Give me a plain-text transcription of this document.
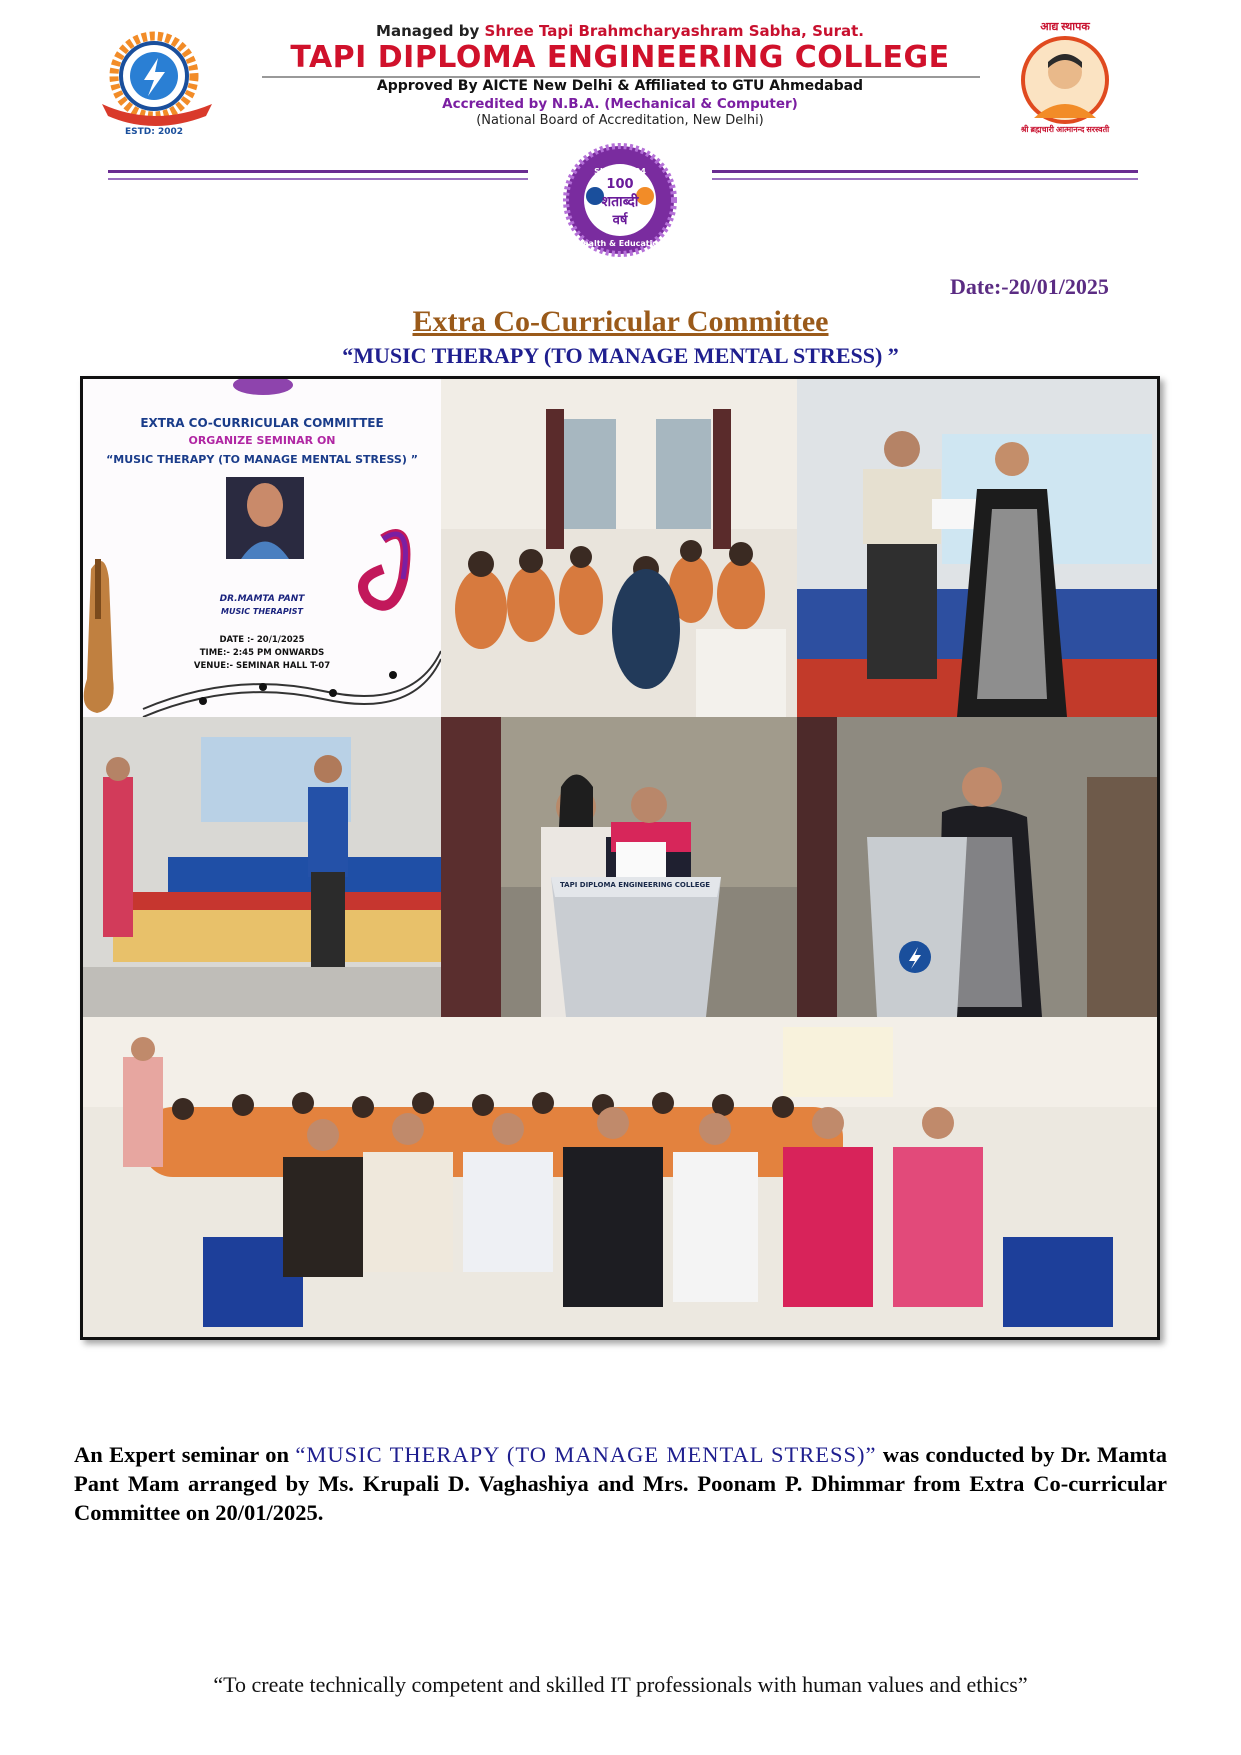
ESTD: 2002
Managed by Shree Tapi Brahmcharyashram Sabha, Surat.
TAPI DIPLOMA ENGINEERING COLLEGE
Approved By AICTE New Delhi & Affiliated to GTU Ahmedabad
Accredited by N.B.A. (Mechanical & Computer)
(National Board of Accreditation, New Delhi)
आद्य स्थापक
श्री ब्रह्मचारी आत्मानन्द सरस्वती
SINCE 1924
100
शताब्दी
वर्ष
Health & Education
Date:-20/01/2025
Extra Co-Curricular Committee
“MUSIC THERAPY (TO MANAGE MENTAL STRESS) ”
EXTRA CO-CURRICULAR COMMITTEE
ORGANIZE SEMINAR ON
“MUSIC THERAPY (TO MANAGE MENTAL STRESS) ”
DR.MAMTA PANT
MUSIC THERAPIST
DATE :- 20/1/2025
TIME:- 2:45 PM ONWARDS
VENUE:- SEMINAR HALL T-07
TAPI DIPLOMA ENGINEERING COLLEGE
An Expert seminar on “MUSIC THERAPY (TO MANAGE MENTAL STRESS)” was conducted by Dr. Mamta Pant Mam arranged by Ms. Krupali D. Vaghashiya and Mrs. Poonam P. Dhimmar from Extra Co-curricular Committee on 20/01/2025.
“To create technically competent and skilled IT professionals with human values and ethics”
